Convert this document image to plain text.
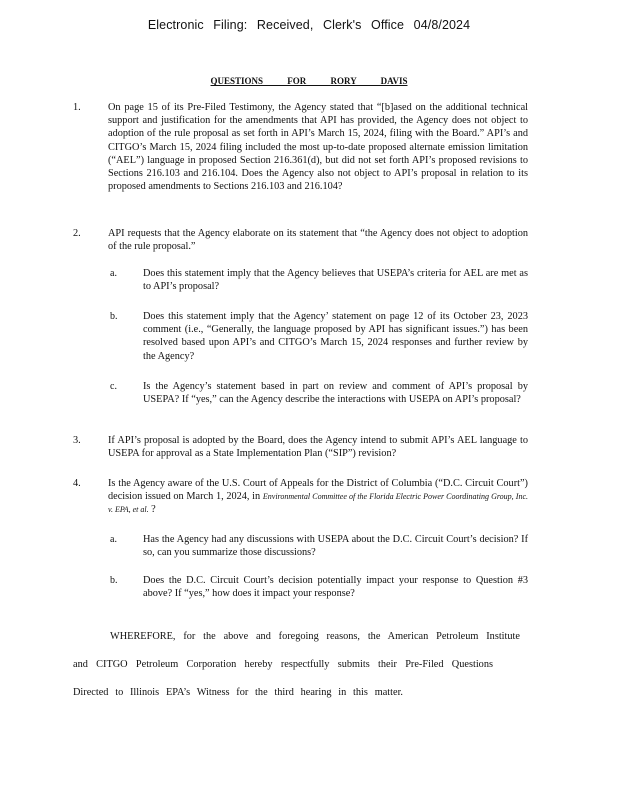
Electronic Filing: Received, Clerk's Office 04/8/2024
QUESTIONS FOR RORY DAVIS
1.	On page 15 of its Pre-Filed Testimony, the Agency stated that “[b]ased on the additional technical support and justification for the amendments that API has provided, the Agency does not object to adoption of the rule proposal as set forth in API’s March 15, 2024, filing with the Board.” API’s and CITGO’s March 15, 2024 filing included the most up-to-date proposed alternate emission limitation (“AEL”) language in proposed Section 216.361(d), but did not set forth API’s proposed revisions to Sections 216.103 and 216.104. Does the Agency also not object to API’s proposal in relation to its proposed amendments to Sections 216.103 and 216.104?
2.	API requests that the Agency elaborate on its statement that “the Agency does not object to adoption of the rule proposal.”
a.	Does this statement imply that the Agency believes that USEPA’s criteria for AEL are met as to API’s proposal?
b. Does this statement imply that the Agency’ statement on page 12 of its October 23, 2023 comment (i.e., “Generally, the language proposed by API has significant issues.”) has been resolved based upon API’s and CITGO’s March 15, 2024 responses and further review by the Agency?
c.	Is the Agency’s statement based in part on review and comment of API’s proposal by USEPA? If “yes,” can the Agency describe the interactions with USEPA on API’s proposal?
3.	If API’s proposal is adopted by the Board, does the Agency intend to submit API’s AEL language to USEPA for approval as a State Implementation Plan (“SIP”) revision?
4.	Is the Agency aware of the U.S. Court of Appeals for the District of Columbia (“D.C. Circuit Court”) decision issued on March 1, 2024, in Environmental Committee of the Florida Electric Power Coordinating Group, Inc. v. EPA, et al. ?
a.	Has the Agency had any discussions with USEPA about the D.C. Circuit Court’s decision? If so, can you summarize those discussions?
b. Does the D.C. Circuit Court’s decision potentially impact your response to Question #3 above? If “yes,” how does it impact your response?
WHEREFORE, for the above and foregoing reasons, the American Petroleum Institute
and CITGO Petroleum Corporation hereby respectfully submits their Pre-Filed Questions
Directed to Illinois EPA’s Witness for the third hearing in this matter.
